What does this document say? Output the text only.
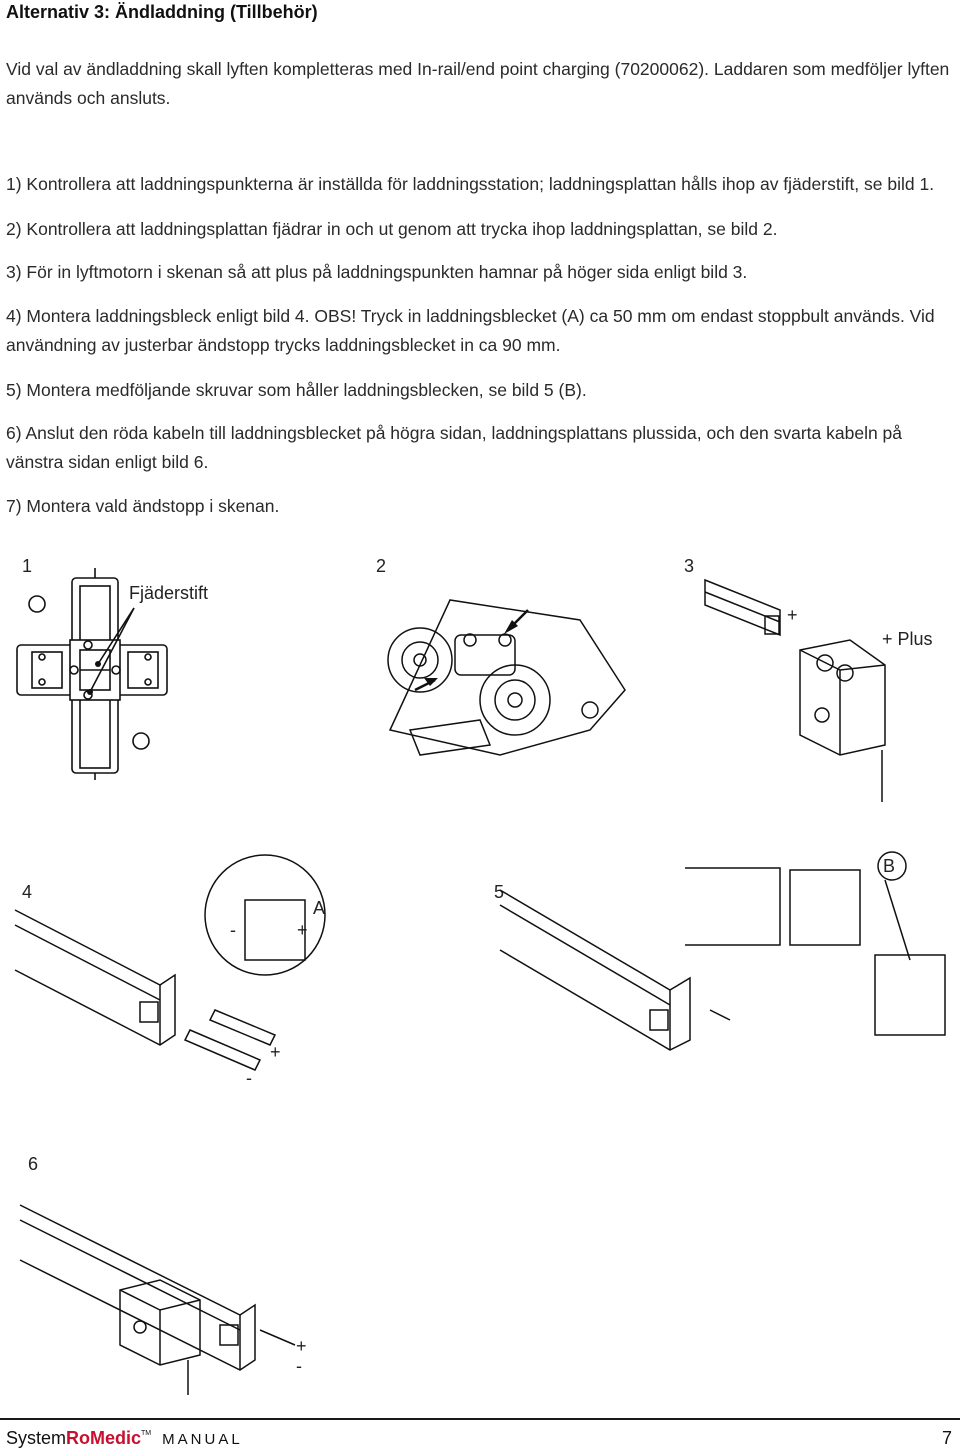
Alternativ 3: Ändladdning (Tillbehör)

Vid val av ändladdning skall lyften kompletteras med In-rail/end point charging (70200062). Laddaren som medföljer lyften används och ansluts.

1) Kontrollera att laddningspunkterna är inställda för laddningsstation; laddningsplattan hålls ihop av fjäderstift, se bild 1.

2) Kontrollera att laddningsplattan fjädrar in och ut genom att trycka ihop laddningsplattan, se bild 2.

3) För in lyftmotorn i skenan så att plus på laddningspunkten hamnar på höger sida enligt bild 3.

4) Montera laddningsbleck enligt bild 4. OBS! Tryck in laddningsblecket (A) ca 50 mm om endast stoppbult används. Vid användning av justerbar ändstopp trycks laddningsblecket in ca 90 mm.

5) Montera medföljande skruvar som håller laddningsblecken, se bild 5 (B).

6) Anslut den röda kabeln till laddningsblecket på högra sidan, laddningsplattans plussida, och den svarta kabeln på vänstra sidan enligt bild 6.

7) Montera vald ändstopp i skenan.

1
Fjäderstift
2	3
+
+ Plus
4
A
-	+
+
-
5
B
6
+
-
SystemRoMedic™ MANUAL	7
